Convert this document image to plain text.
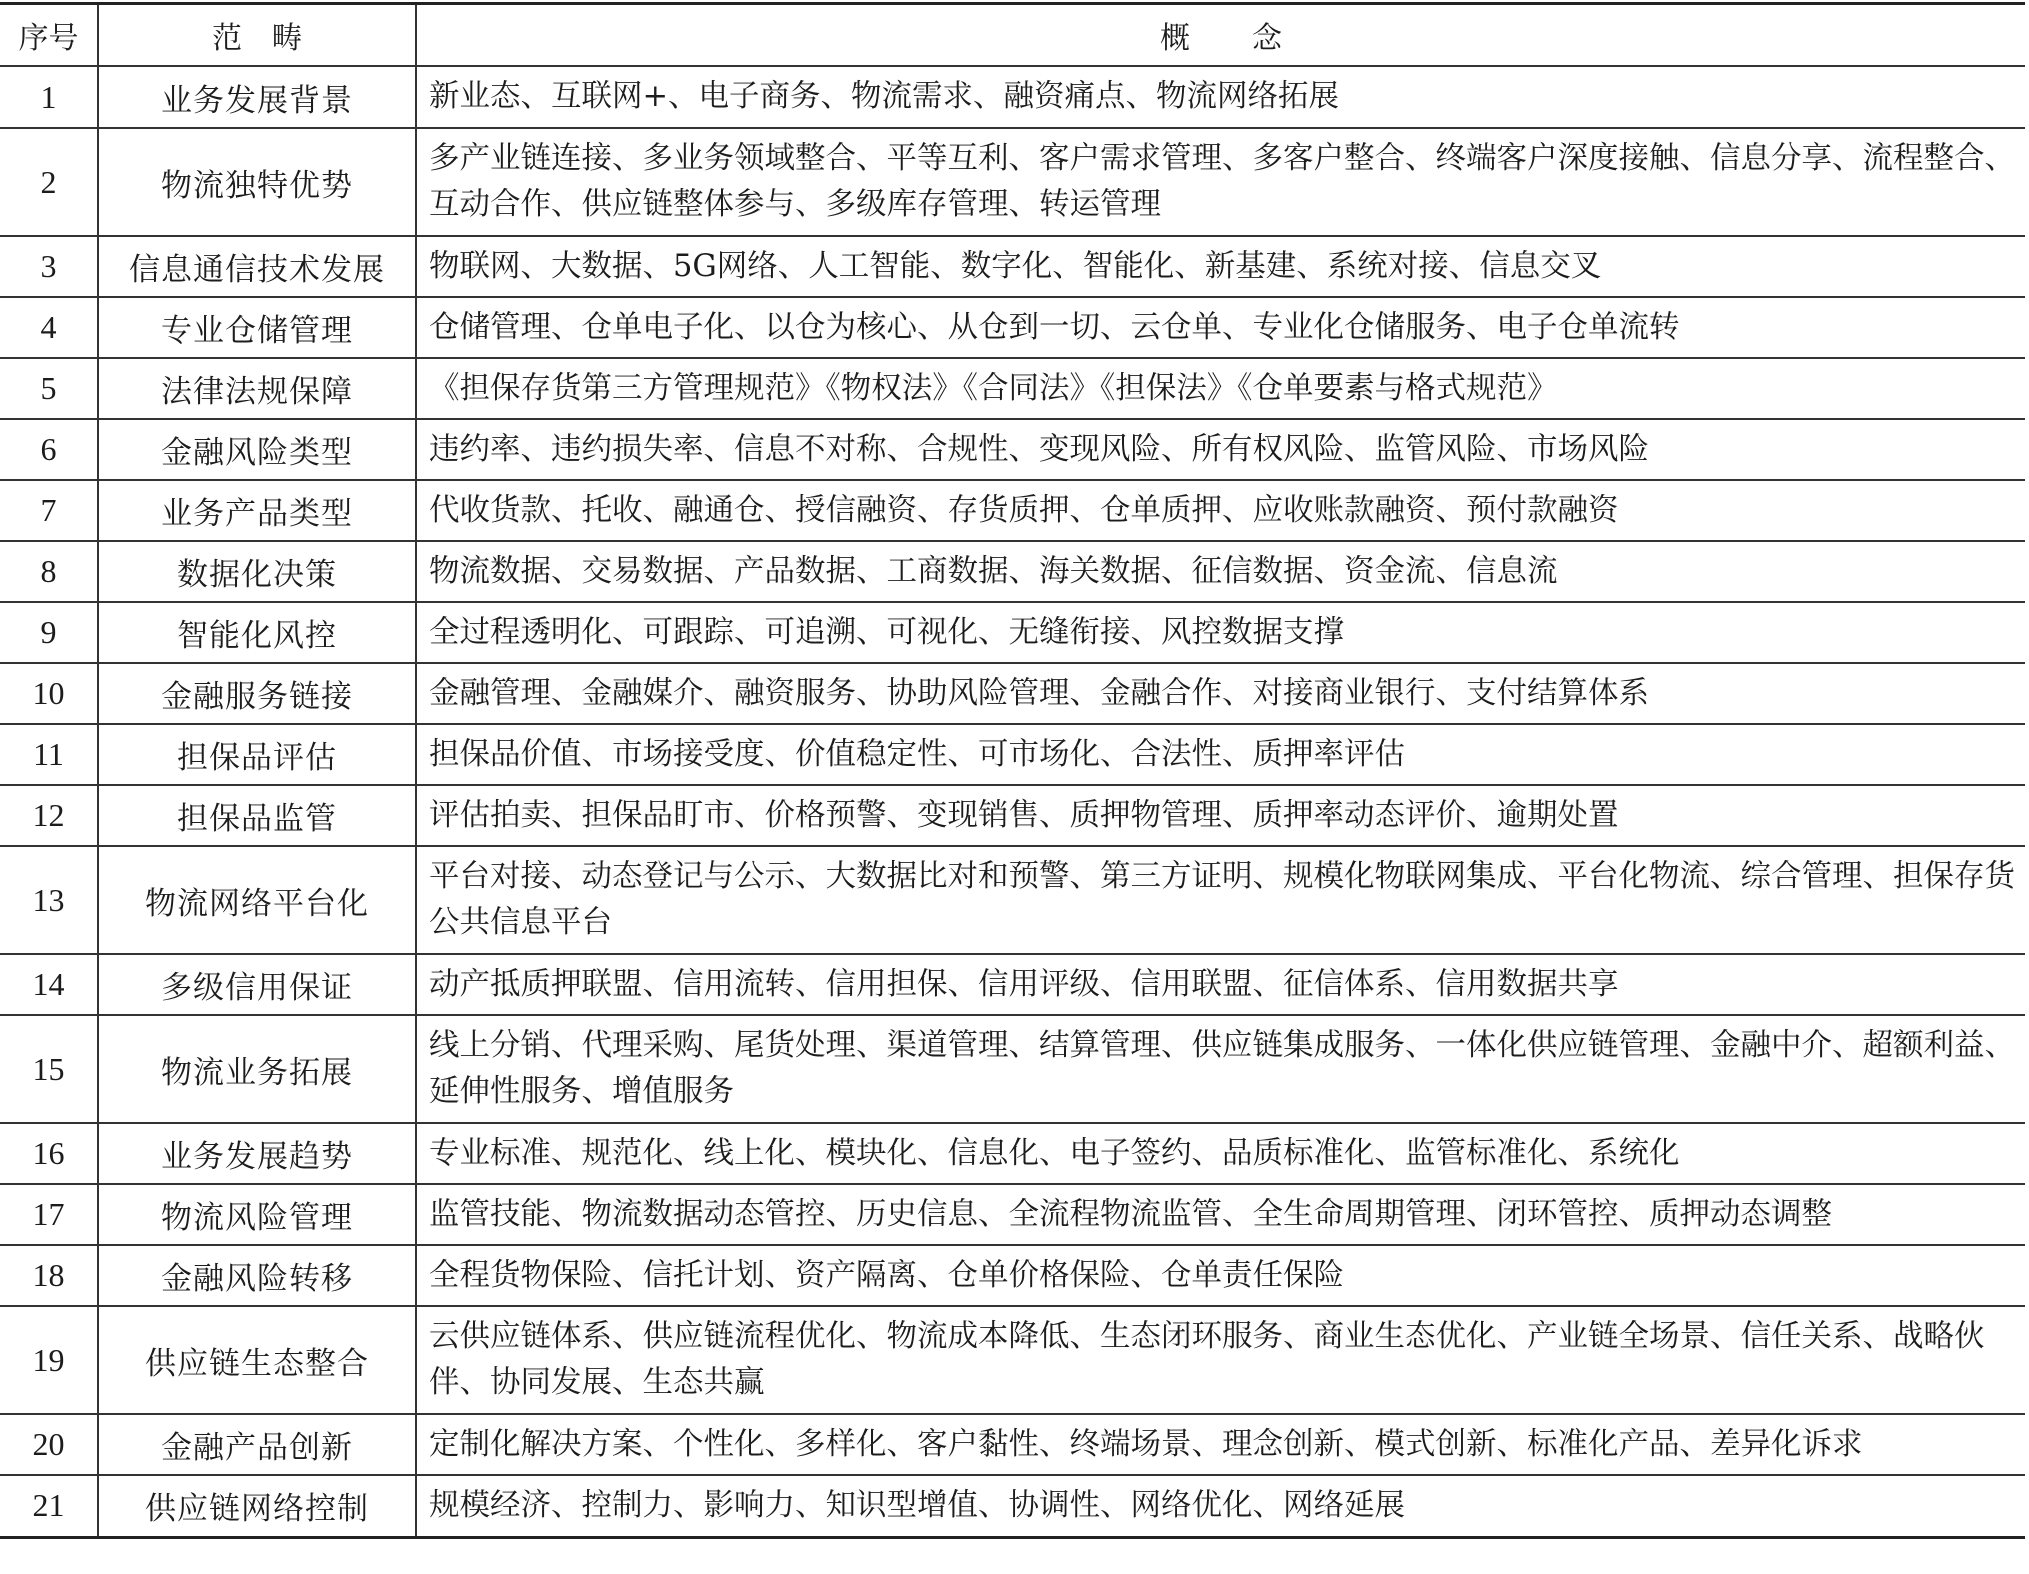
序号	范 畴	概 念
1	业务发展背景	新业态、互联网+、电子商务、物流需求、融资痛点、物流网络拓展
2	物流独特优势	多产业链连接、多业务领域整合、平等互利、客户需求管理、多客户整合、终端客户深度接触、信息分享、流程整合、互动合作、供应链整体参与、多级库存管理、转运管理
3	信息通信技术发展	物联网、大数据、5G网络、人工智能、数字化、智能化、新基建、系统对接、信息交叉
4	专业仓储管理	仓储管理、仓单电子化、以仓为核心、从仓到一切、云仓单、专业化仓储服务、电子仓单流转
5	法律法规保障	《担保存货第三方管理规范》《物权法》《合同法》《担保法》《仓单要素与格式规范》
6	金融风险类型	违约率、违约损失率、信息不对称、合规性、变现风险、所有权风险、监管风险、市场风险
7	业务产品类型	代收货款、托收、融通仓、授信融资、存货质押、仓单质押、应收账款融资、预付款融资
8	数据化决策	物流数据、交易数据、产品数据、工商数据、海关数据、征信数据、资金流、信息流
9	智能化风控	全过程透明化、可跟踪、可追溯、可视化、无缝衔接、风控数据支撑
10	金融服务链接	金融管理、金融媒介、融资服务、协助风险管理、金融合作、对接商业银行、支付结算体系
11	担保品评估	担保品价值、市场接受度、价值稳定性、可市场化、合法性、质押率评估
12	担保品监管	评估拍卖、担保品盯市、价格预警、变现销售、质押物管理、质押率动态评价、逾期处置
13	物流网络平台化	平台对接、动态登记与公示、大数据比对和预警、第三方证明、规模化物联网集成、平台化物流、综合管理、担保存货公共信息平台
14	多级信用保证	动产抵质押联盟、信用流转、信用担保、信用评级、信用联盟、征信体系、信用数据共享
15	物流业务拓展	线上分销、代理采购、尾货处理、渠道管理、结算管理、供应链集成服务、一体化供应链管理、金融中介、超额利益、延伸性服务、增值服务
16	业务发展趋势	专业标准、规范化、线上化、模块化、信息化、电子签约、品质标准化、监管标准化、系统化
17	物流风险管理	监管技能、物流数据动态管控、历史信息、全流程物流监管、全生命周期管理、闭环管控、质押动态调整
18	金融风险转移	全程货物保险、信托计划、资产隔离、仓单价格保险、仓单责任保险
19	供应链生态整合	云供应链体系、供应链流程优化、物流成本降低、生态闭环服务、商业生态优化、产业链全场景、信任关系、战略伙伴、协同发展、生态共赢
20	金融产品创新	定制化解决方案、个性化、多样化、客户黏性、终端场景、理念创新、模式创新、标准化产品、差异化诉求
21	供应链网络控制	规模经济、控制力、影响力、知识型增值、协调性、网络优化、网络延展
